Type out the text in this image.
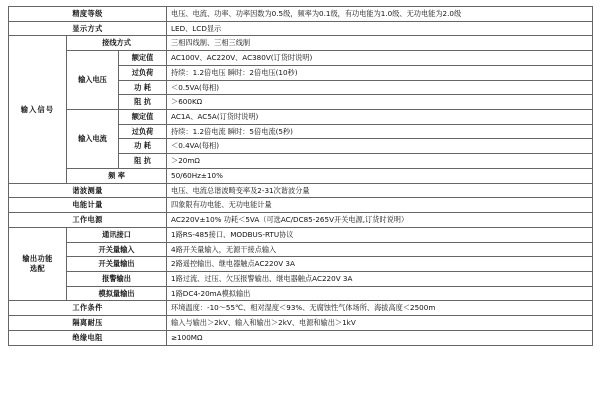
精度等级			电压、电流、功率、功率因数为0.5级，频率为0.1级，有功电能为1.0级、无功电能为2.0级
显示方式			LED、LCD显示
输入信号	接线方式		三相四线制、三相三线制
	输入电压	额定值	AC100V、AC220V、AC380V(订货时说明)
		过负荷	持续：1.2倍电压 瞬时：2倍电压(10秒)
		功 耗	＜0.5VA(每相)
		阻 抗	＞600KΩ
	输入电流	额定值	AC1A、AC5A(订货时说明)
		过负荷	持续：1.2倍电流 瞬时：5倍电流(5秒)
		功 耗	＜0.4VA(每相)
		阻 抗	＞20mΩ
	频 率		50/60Hz±10%
谐波测量			电压、电流总谐波畸变率及2-31次谐波分量
电能计量			四象限有功电能、无功电能计量
工作电源			AC220V±10% 功耗＜5VA（可选AC/DC85-265V开关电源,订货时说明）

输出功能
选配	通讯接口		1路RS-485接口、MODBUS-RTU协议
	开关量输入		4路开关量输入，无源干接点输入
	开关量输出		2路遥控输出、继电器触点AC220V 3A
	报警输出		1路过流、过压、欠压报警输出、继电器触点AC220V 3A
	模拟量输出		1路DC4-20mA模拟输出
工作条件			环境温度：-10～55℃、相对湿度＜93%、无腐蚀性气体场所、海拔高度＜2500m
隔离耐压			输入与输出＞2kV、输入和输出＞2kV、电源和输出＞1kV
绝缘电阻			≥100MΩ
